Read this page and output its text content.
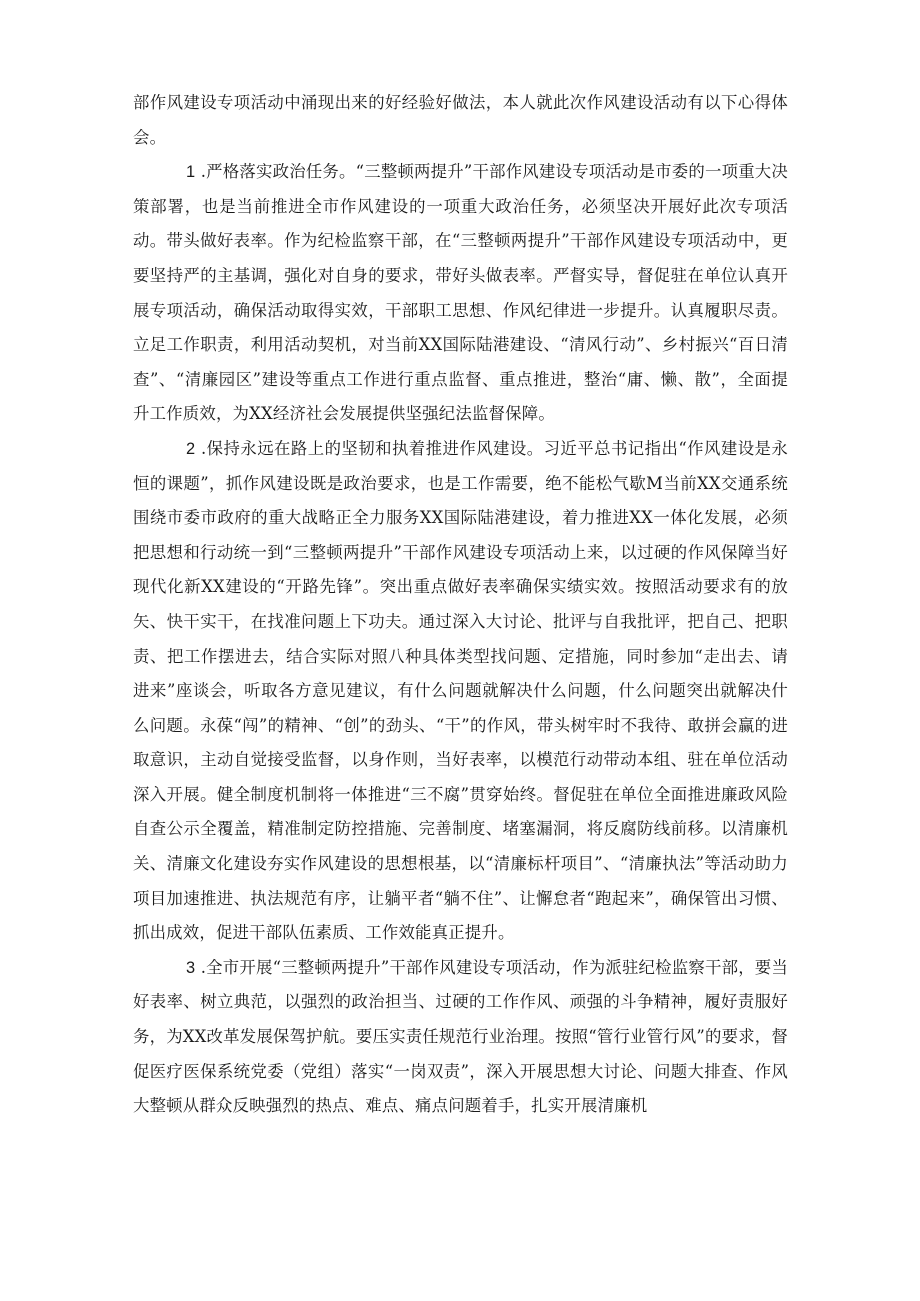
部作风建设专项活动中涌现出来的好经验好做法，本人就此次作风建设活动有以下心得体会。

1 .严格落实政治任务。“三整顿两提升”干部作风建设专项活动是市委的一项重大决策部署，也是当前推进全市作风建设的一项重大政治任务，必须坚决开展好此次专项活动。带头做好表率。作为纪检监察干部，在“三整顿两提升”干部作风建设专项活动中，更要坚持严的主基调，强化对自身的要求，带好头做表率。严督实导，督促驻在单位认真开展专项活动，确保活动取得实效，干部职工思想、作风纪律进一步提升。认真履职尽责。立足工作职责，利用活动契机，对当前XX国际陆港建设、“清风行动”、乡村振兴“百日清查”、“清廉园区”建设等重点工作进行重点监督、重点推进，整治“庸、懒、散”，全面提升工作质效，为XX经济社会发展提供坚强纪法监督保障。

2 .保持永远在路上的坚韧和执着推进作风建设。习近平总书记指出“作风建设是永恒的课题”，抓作风建设既是政治要求，也是工作需要，绝不能松气歇M当前XX交通系统围绕市委市政府的重大战略正全力服务XX国际陆港建设，着力推进XX一体化发展，必须把思想和行动统一到“三整顿两提升”干部作风建设专项活动上来，以过硬的作风保障当好现代化新XX建设的“开路先锋”。突出重点做好表率确保实绩实效。按照活动要求有的放矢、快干实干，在找准问题上下功夫。通过深入大讨论、批评与自我批评，把自己、把职责、把工作摆进去，结合实际对照八种具体类型找问题、定措施，同时参加“走出去、请进来”座谈会，听取各方意见建议，有什么问题就解决什么问题，什么问题突出就解决什么问题。永葆“闯”的精神、“创”的劲头、“干”的作风，带头树牢时不我待、敢拼会赢的进取意识，主动自觉接受监督，以身作则，当好表率，以模范行动带动本组、驻在单位活动深入开展。健全制度机制将一体推进“三不腐”贯穿始终。督促驻在单位全面推进廉政风险自查公示全覆盖，精准制定防控措施、完善制度、堵塞漏洞，将反腐防线前移。以清廉机关、清廉文化建设夯实作风建设的思想根基，以“清廉标杆项目”、“清廉执法”等活动助力项目加速推进、执法规范有序，让躺平者“躺不住”、让懈怠者“跑起来”，确保管出习惯、抓出成效，促进干部队伍素质、工作效能真正提升。

3 .全市开展“三整顿两提升”干部作风建设专项活动，作为派驻纪检监察干部，要当好表率、树立典范，以强烈的政治担当、过硬的工作作风、顽强的斗争精神，履好责服好务，为XX改革发展保驾护航。要压实责任规范行业治理。按照“管行业管行风”的要求，督促医疗医保系统党委（党组）落实“一岗双责”，深入开展思想大讨论、问题大排查、作风大整顿从群众反映强烈的热点、难点、痛点问题着手，扎实开展清廉机
